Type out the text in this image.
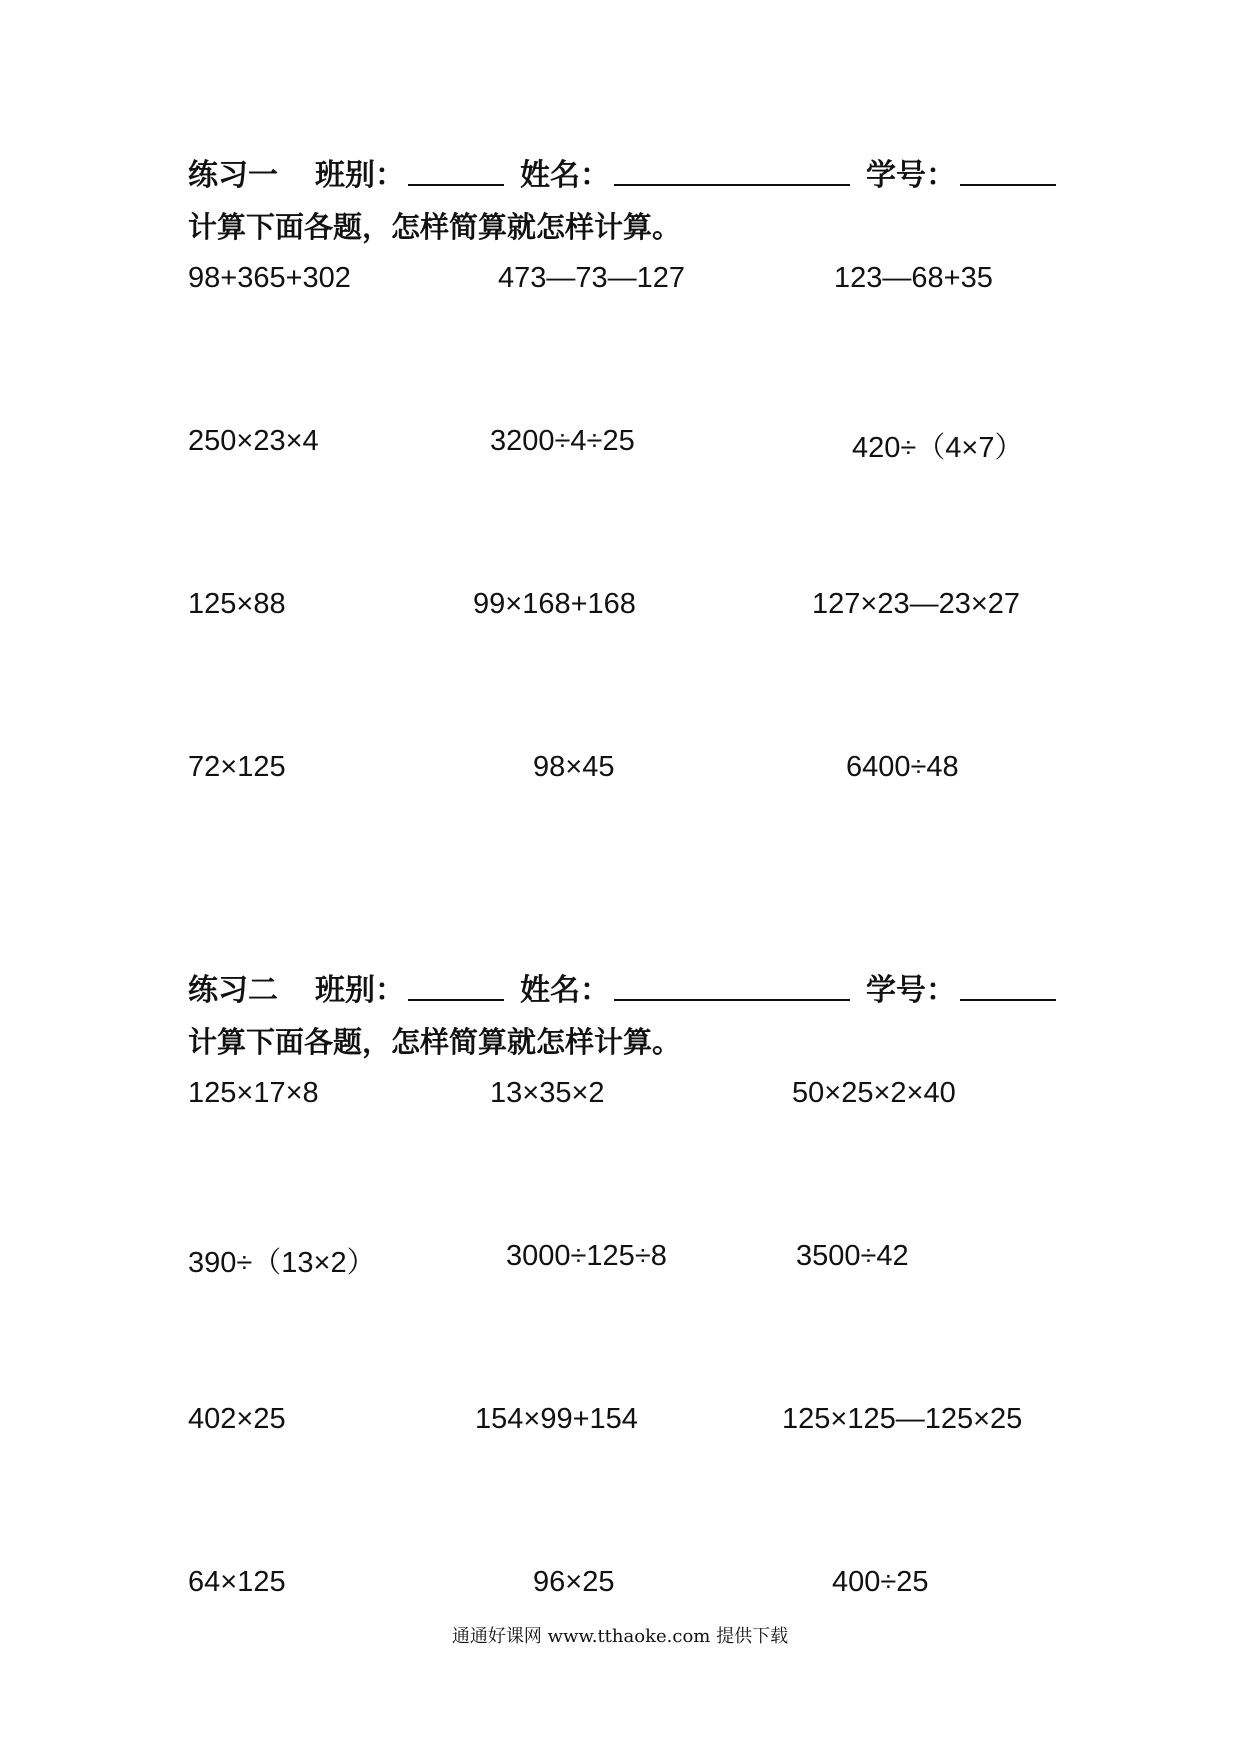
练习一 班别：	姓名：	学号：
计算下面各题，怎样简算就怎样计算。
98+365+302	473—73—127	123—68+35
250×23×4	3200÷4÷25	420÷（4×7）
125×88	99×168+168	127×23—23×27
72×125	98×45	6400÷48
练习二 班别：	姓名：	学号：
计算下面各题，怎样简算就怎样计算。
125×17×8	13×35×2	50×25×2×40
390÷（13×2）	3000÷125÷8	3500÷42
402×25	154×99+154	125×125—125×25
64×125	96×25	400÷25
通通好课网 www.tthaoke.com 提供下载
